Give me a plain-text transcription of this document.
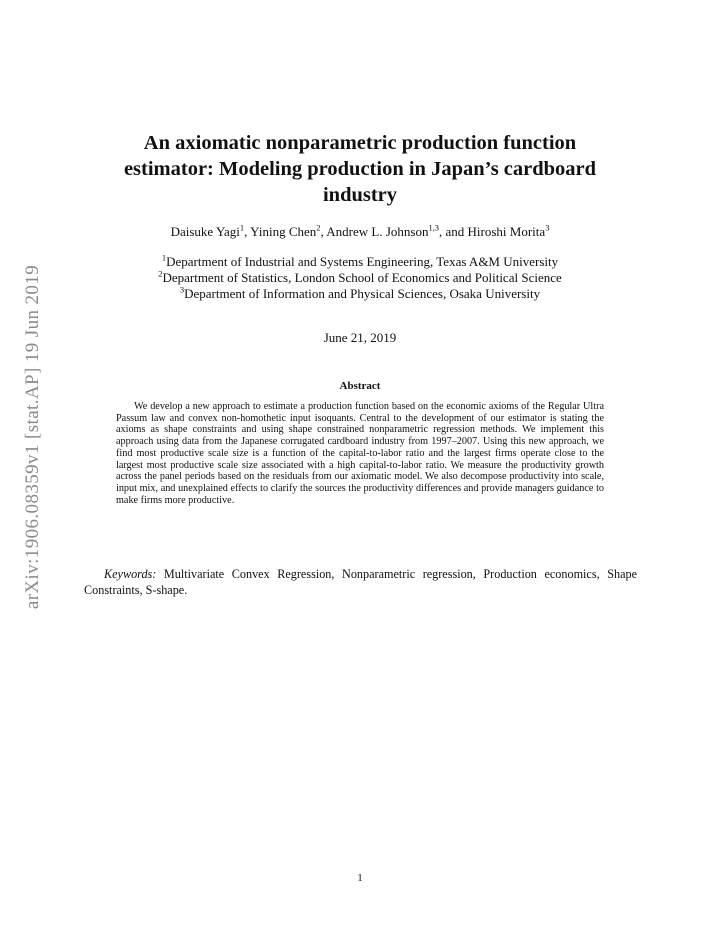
arXiv:1906.08359v1 [stat.AP] 19 Jun 2019
An axiomatic nonparametric production function
estimator: Modeling production in Japan’s cardboard
industry
Daisuke Yagi$^1$, Yining Chen$^2$, Andrew L. Johnson$^{1,3}$, and Hiroshi Morita$^3$
$^1$Department of Industrial and Systems Engineering, Texas A&M University
$^2$Department of Statistics, London School of Economics and Political Science
$^3$Department of Information and Physical Sciences, Osaka University
June 21, 2019
Abstract

We develop a new approach to estimate a production function based on the economic axioms of the Regular Ultra Passum law and convex non-homothetic input isoquants. Central to the development of our estimator is stating the axioms as shape constraints and using shape constrained nonparametric regression methods. We implement this approach using data from the Japanese corrugated cardboard industry from 1997–2007. Using this new approach, we find most productive scale size is a function of the capital-to-labor ratio and the largest firms operate close to the largest most productive scale size associated with a high capital-to-labor ratio. We measure the productivity growth across the panel periods based on the residuals from our axiomatic model. We also decompose productivity into scale, input mix, and unexplained effects to clarify the sources the productivity differences and provide managers guidance to make firms more productive.

Keywords: Multivariate Convex Regression, Nonparametric regression, Production economics, Shape Constraints, S-shape.

1
